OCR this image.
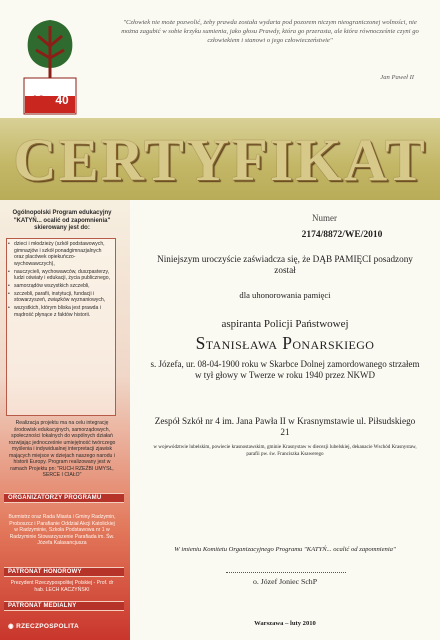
19 40
"Człowiek nie może pozwolić, żeby prawda została wydarta pod pozorem niczym nieograniczonej wolności, nie można zagubić w sobie krzyku sumienia, jako głosu Prawdy, która go przerasta, ale która równocześnie czyni go człowiekiem i stanowi o jego człowieczeństwie"
Jan Paweł II
CERTYFIKAT
Ogólnopolski Program edukacyjny "KATYŃ... ocalić od zapomnienia" skierowany jest do:
• dzieci i młodzieży (szkół podstawowych, gimnazjów i szkół ponadgimnazjalnych oraz placówek opiekuńczo-wychowawczych),
• nauczycieli, wychowawców, duszpasterzy, ludzi oświaty i edukacji, życia publicznego,
• samorządów wszystkich szczebli,
• szczebli, parafii, instytucji, fundacji i stowarzyszeń, związków wyznaniowych,
• wszystkich, którym bliska jest prawda i mądrość płynące z faktów historii.
Realizacja projektu ma na celu integrację środowisk edukacyjnych, samorządowych, społeczności lokalnych do wspólnych działań rozwijając jednocześnie umiejętność twórczego myślenia i indywidualnej interpretacji zjawisk mających miejsce w dziejach naszego narodu i historii Europy. Program realizowany jest w ramach Projektu pn: "RUCH RZEŹBI UMYSŁ, SERCE I CIAŁO"
ORGANIZATORZY PROGRAMU
Burmistrz oraz Rada Miasta i Gminy Radzymin, Proboszcz i Parafianie Oddział Akcji Katolickiej w Radzyminie, Szkoła Podstawowa nr 1 w Radzyminie Stowarzyszenie Parafiada im. Św. Józefa Kalasancjusza
PATRONAT HONOROWY
Prezydent Rzeczypospolitej Polskiej - Prof. dr hab. LECH KACZYŃSKI
PATRONAT MEDIALNY
◉ RZECZPOSPOLITA
Numer
2174/8872/WE/2010
Niniejszym uroczyście zaświadcza się, że DĄB PAMIĘCI posadzony został
dla uhonorowania pamięci
aspiranta Policji Państwowej
Stanisława Ponarskiego
s. Józefa, ur. 08-04-1900 roku w Skarbce Dolnej zamordowanego strzałem w tył głowy w Twerze w roku 1940 przez NKWD
Zespół Szkół nr 4 im. Jana Pawła II w Krasnymstawie ul. Piłsudskiego 21
w województwie lubelskim, powiecie krasnostawskim, gminie Krasnystaw w diecezji lubelskiej, dekanacie Wschód Krasnystaw, parafii pw. św. Franciszka Ksawerego
W imieniu Komitetu Organizacyjnego Programu "KATYŃ... ocalić od zapomnienia"
o. Józef Joniec SchP
Warszawa – luty 2010
